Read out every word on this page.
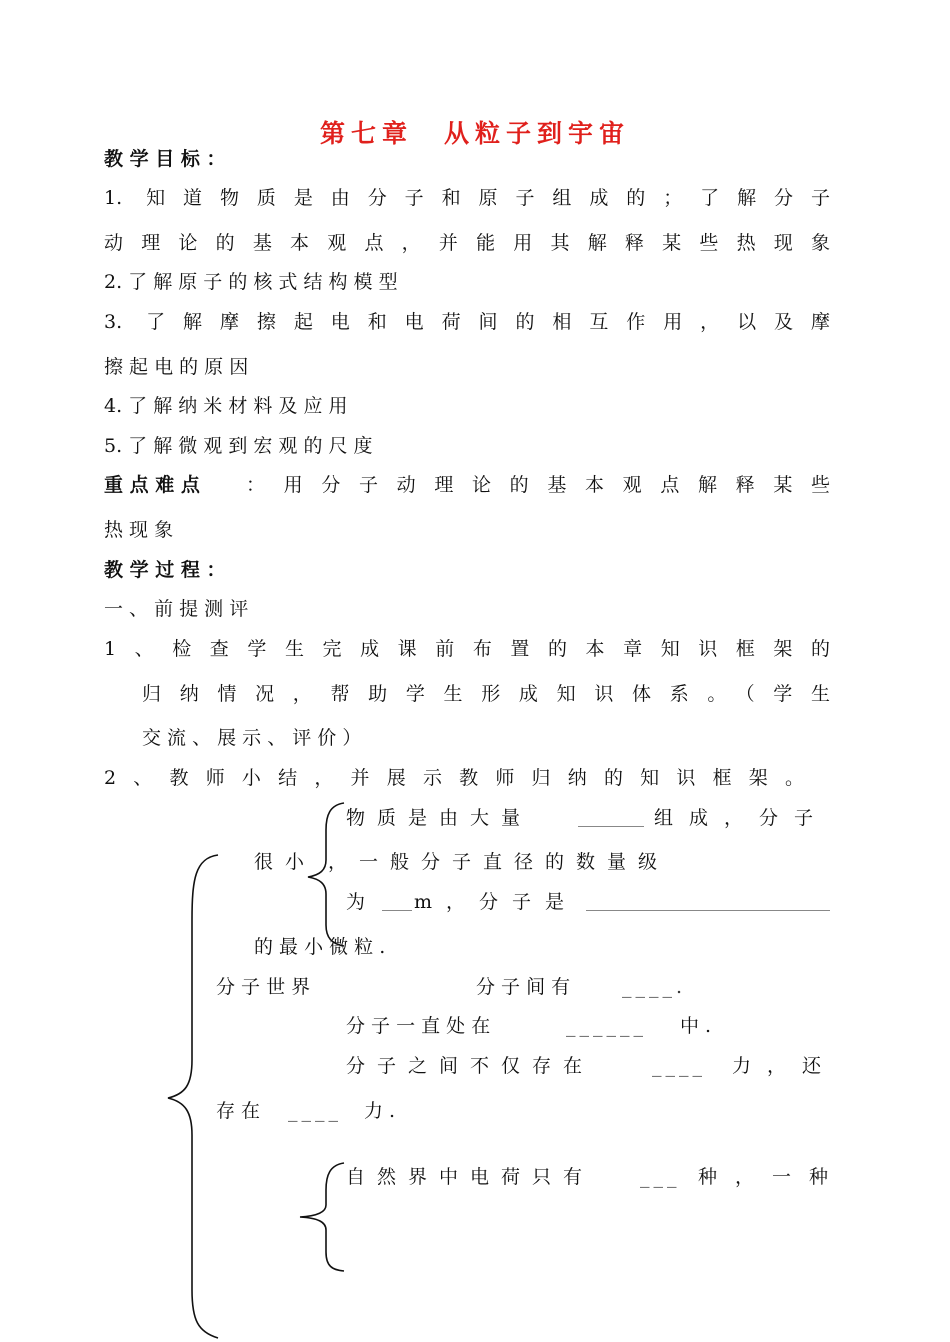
第七章　从粒子到宇宙
教 学 目 标 ：
1. 知道物质是由分子和原子组成的；了解分子
动理论的基本观点，并能用其解释某些热现象
2. 了 解 原 子 的 核 式 结 构 模 型
3. 了解摩擦起电和电荷间的相互作用，以及摩
擦 起 电 的 原 因
4. 了 解 纳 米 材 料 及 应 用
5. 了 解 微 观 到 宏 观 的 尺 度
重 点 难 点 ：用分子动理论的基本观点解释某些
热 现 象
教 学 过 程 ：
一 、 前 提 测 评
1、检查学生完成课前布置的本章知识框架的
归纳情况，帮助学生形成知识体系。（学生
交 流 、 展 示 、 评 价 ）
2、教师小结，并展示教师归纳的知识框架。
物质是由大量	组成，分子
很小 ，一般分子直径的数量级
为	m，分子是
的 最 小 微 粒 .
分 子 世 界	分 子 间 有	____.
分 子 一 直 处 在	______ 中 .
分子之间不仅存在	____ 力，还
存 在 ____ 力 .
自然界中电荷只有 ___ 种，一种
